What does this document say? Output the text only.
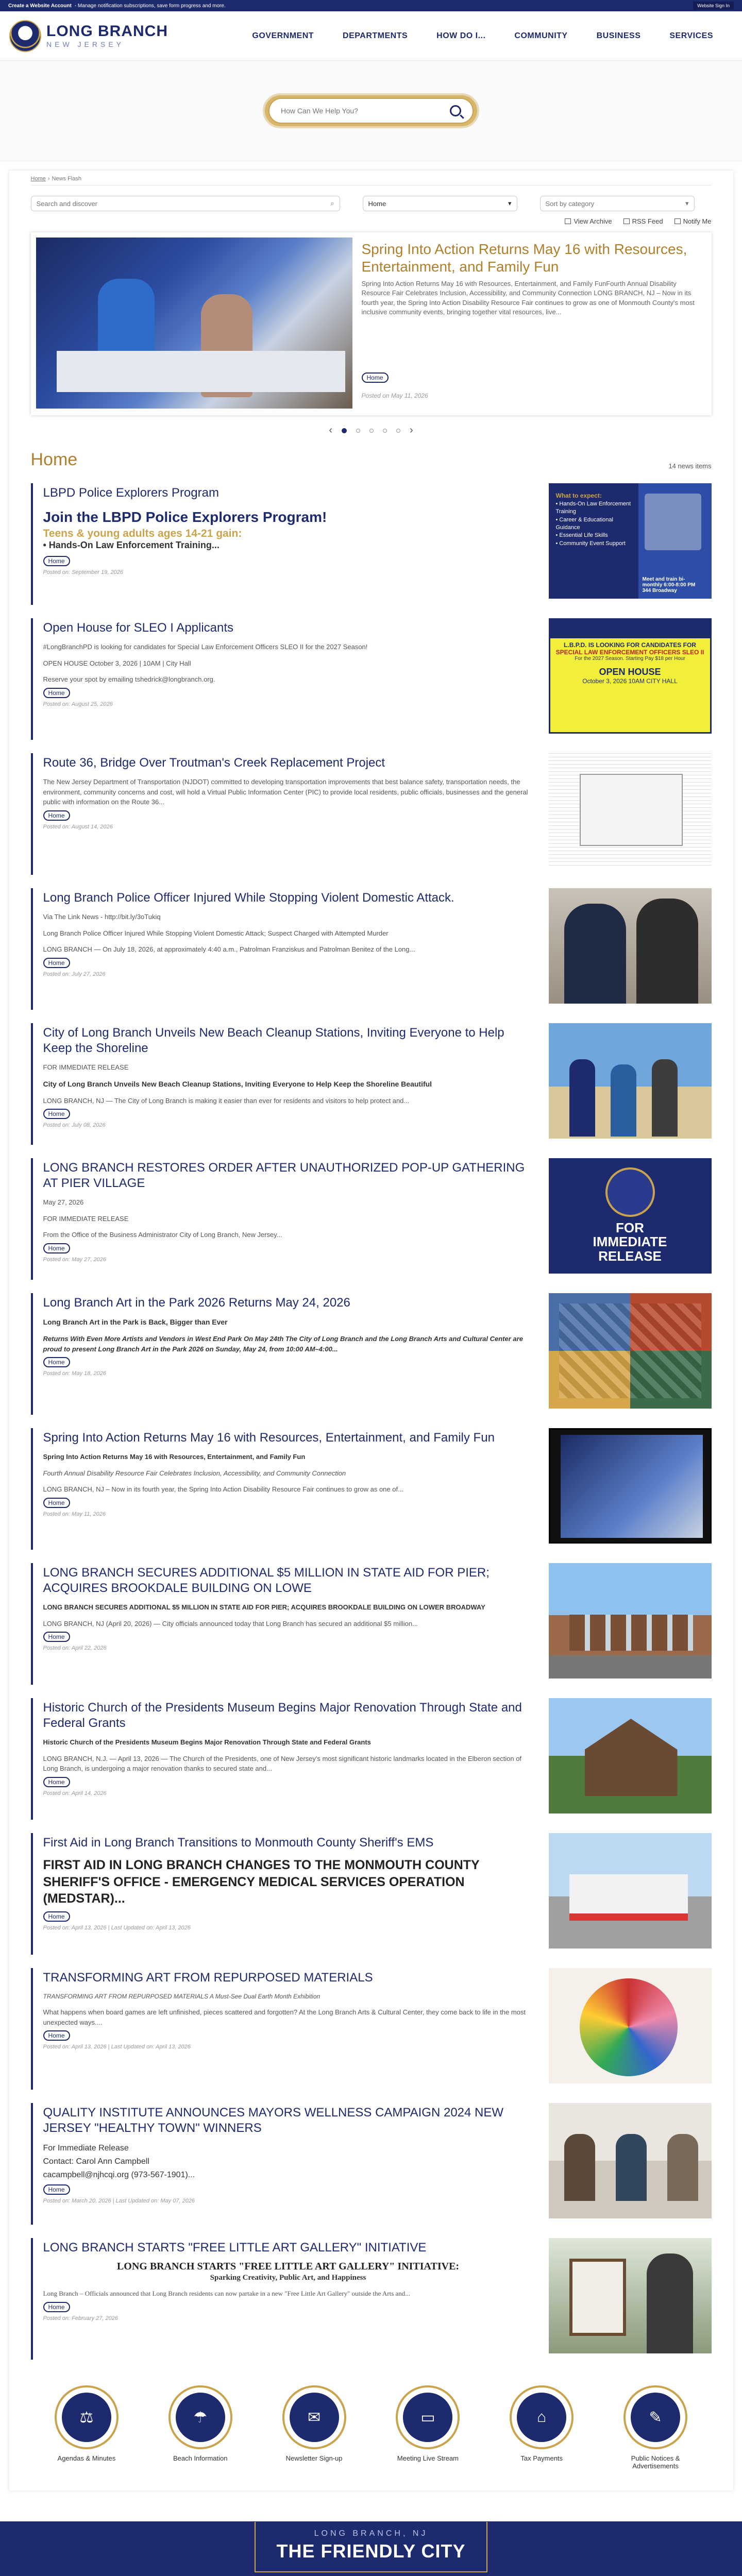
Create a Website Account - Manage notification subscriptions, save form progress and more.	Website Sign In
LONG BRANCH
NEW JERSEY
GOVERNMENT	DEPARTMENTS	HOW DO I...	COMMUNITY	BUSINESS	SERVICES
How Can We Help You?
Home › News Flash
Search and discover	⌕	Home	▾	Sort by category	▾
View Archive	RSS Feed	Notify Me
Spring Into Action Returns May 16 with Resources, Entertainment, and Family Fun
Spring Into Action Returns May 16 with Resources, Entertainment, and Family FunFourth Annual Disability Resource Fair Celebrates Inclusion, Accessibility, and Community Connection LONG BRANCH, NJ – Now in its fourth year, the Spring Into Action Disability Resource Fair continues to grow as one of Monmouth County's most inclusive community events, bringing together vital resources, live...
Home
Posted on May 11, 2026
‹	›
Home	14 news items
LBPD Police Explorers Program
Join the LBPD Police Explorers Program!
Teens & young adults ages 14-21 gain:
• Hands-On Law Enforcement Training...
Home
Posted on: September 19, 2026
What to expect:
• Hands-On Law Enforcement Training
• Career & Educational Guidance
• Essential Life Skills
• Community Event Support
Meet and train bi-monthly 6:00-8:00 PM 344 Broadway
Open House for SLEO I Applicants
#LongBranchPD is looking for candidates for Special Law Enforcement Officers SLEO II for the 2027 Season!
OPEN HOUSE October 3, 2026 | 10AM | City Hall
Reserve your spot by emailing tshedrick@longbranch.org.
Home
Posted on: August 25, 2026
L.B.P.D. IS LOOKING FOR CANDIDATES FOR
SPECIAL LAW ENFORCEMENT OFFICERS SLEO II
For the 2027 Season. Starting Pay $18 per Hour
OPEN HOUSE
October 3, 2026 10AM CITY HALL
Route 36, Bridge Over Troutman's Creek Replacement Project
The New Jersey Department of Transportation (NJDOT) committed to developing transportation improvements that best balance safety, transportation needs, the environment, community concerns and cost, will hold a Virtual Public Information Center (PIC) to provide local residents, public officials, businesses and the general public with information on the Route 36...
Home
Posted on: August 14, 2026
Long Branch Police Officer Injured While Stopping Violent Domestic Attack.
Via The Link News - http://bit.ly/3oTukiq
Long Branch Police Officer Injured While Stopping Violent Domestic Attack; Suspect Charged with Attempted Murder
LONG BRANCH — On July 18, 2026, at approximately 4:40 a.m., Patrolman Franziskus and Patrolman Benitez of the Long...
Home
Posted on: July 27, 2026
City of Long Branch Unveils New Beach Cleanup Stations, Inviting Everyone to Help Keep the Shoreline
FOR IMMEDIATE RELEASE
City of Long Branch Unveils New Beach Cleanup Stations, Inviting Everyone to Help Keep the Shoreline Beautiful
LONG BRANCH, NJ — The City of Long Branch is making it easier than ever for residents and visitors to help protect and...
Home
Posted on: July 08, 2026
LONG BRANCH RESTORES ORDER AFTER UNAUTHORIZED POP-UP GATHERING AT PIER VILLAGE
May 27, 2026
FOR IMMEDIATE RELEASE
From the Office of the Business Administrator City of Long Branch, New Jersey...
Home
Posted on: May 27, 2026
FOR
IMMEDIATE
RELEASE
Long Branch Art in the Park 2026 Returns May 24, 2026
Long Branch Art in the Park is Back, Bigger than Ever
Returns With Even More Artists and Vendors in West End Park On May 24th The City of Long Branch and the Long Branch Arts and Cultural Center are proud to present Long Branch Art in the Park 2026 on Sunday, May 24, from 10:00 AM–4:00...
Home
Posted on: May 18, 2026
Spring Into Action Returns May 16 with Resources, Entertainment, and Family Fun
Spring Into Action Returns May 16 with Resources, Entertainment, and Family Fun
Fourth Annual Disability Resource Fair Celebrates Inclusion, Accessibility, and Community Connection
LONG BRANCH, NJ – Now in its fourth year, the Spring Into Action Disability Resource Fair continues to grow as one of...
Home
Posted on: May 11, 2026
LONG BRANCH SECURES ADDITIONAL $5 MILLION IN STATE AID FOR PIER; ACQUIRES BROOKDALE BUILDING ON LOWE
LONG BRANCH SECURES ADDITIONAL $5 MILLION IN STATE AID FOR PIER; ACQUIRES BROOKDALE BUILDING ON LOWER BROADWAY
LONG BRANCH, NJ (April 20, 2026) — City officials announced today that Long Branch has secured an additional $5 million...
Home
Posted on: April 22, 2026
Historic Church of the Presidents Museum Begins Major Renovation Through State and Federal Grants
Historic Church of the Presidents Museum Begins Major Renovation Through State and Federal Grants
LONG BRANCH, N.J. — April 13, 2026 — The Church of the Presidents, one of New Jersey's most significant historic landmarks located in the Elberon section of Long Branch, is undergoing a major renovation thanks to secured state and...
Home
Posted on: April 14, 2026
First Aid in Long Branch Transitions to Monmouth County Sheriff's EMS
FIRST AID IN LONG BRANCH CHANGES TO THE MONMOUTH COUNTY SHERIFF'S OFFICE - EMERGENCY MEDICAL SERVICES OPERATION (MEDSTAR)...
Home
Posted on: April 13, 2026 | Last Updated on: April 13, 2026
TRANSFORMING ART FROM REPURPOSED MATERIALS
TRANSFORMING ART FROM REPURPOSED MATERIALS A Must-See Dual Earth Month Exhibition
What happens when board games are left unfinished, pieces scattered and forgotten? At the Long Branch Arts & Cultural Center, they come back to life in the most unexpected ways....
Home
Posted on: April 13, 2026 | Last Updated on: April 13, 2026
QUALITY INSTITUTE ANNOUNCES MAYORS WELLNESS CAMPAIGN 2024 NEW JERSEY "HEALTHY TOWN" WINNERS
For Immediate Release
Contact: Carol Ann Campbell
cacampbell@njhcqi.org (973-567-1901)...
Home
Posted on: March 20, 2026 | Last Updated on: May 07, 2026
LONG BRANCH STARTS "FREE LITTLE ART GALLERY" INITIATIVE
LONG BRANCH STARTS "FREE LITTLE ART GALLERY" INITIATIVE:
Sparking Creativity, Public Art, and Happiness
Long Branch – Officials announced that Long Branch residents can now partake in a new "Free Little Art Gallery" outside the Arts and...
Home
Posted on: February 27, 2026
⚖
Agendas & Minutes
☂
Beach Information
✉
Newsletter Sign-up
▭
Meeting Live Stream
⌂
Tax Payments
✎
Public Notices & Advertisements
LONG BRANCH, NJ
THE FRIENDLY CITY
